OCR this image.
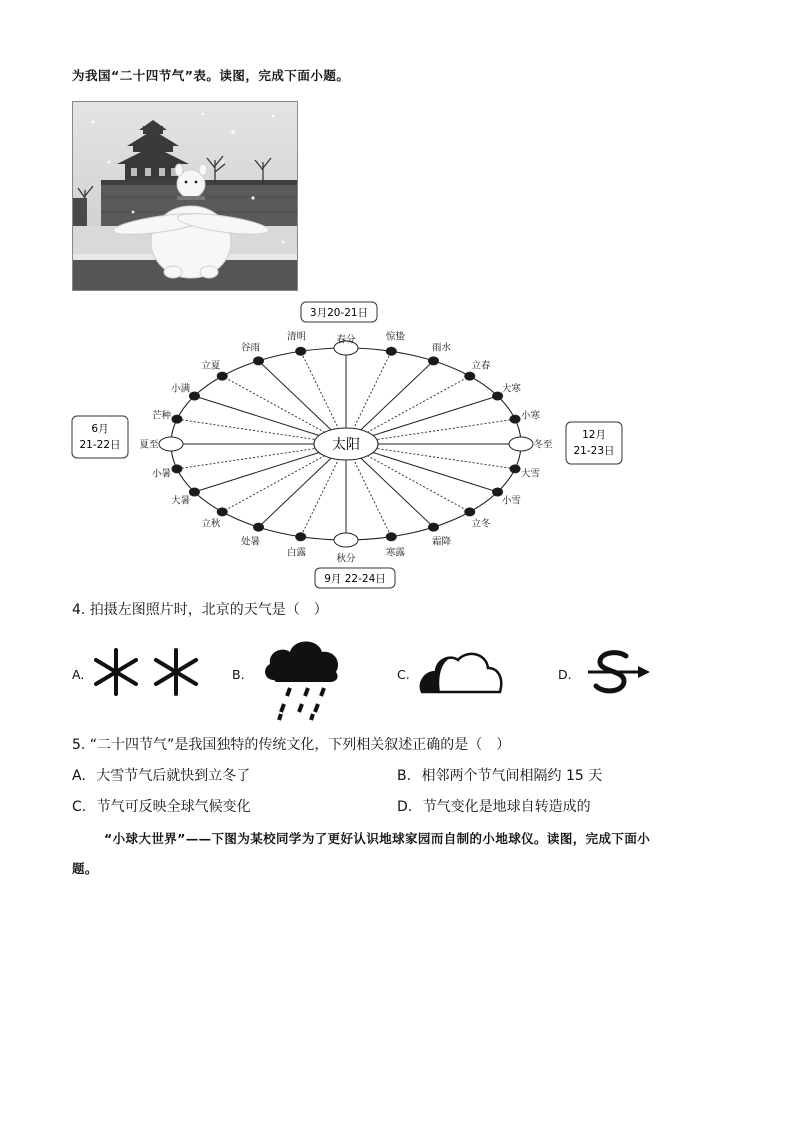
为我国“二十四节气”表。读图，完成下面小题。
春分
清明
谷雨
立夏
小满
芒种
夏至
小暑
大暑
立秋
处暑
白露
秋分
寒露
霜降
立冬
小雪
大雪
冬至
小寒
大寒
立春
雨水
惊蛰
太阳
3月20-21日
9月 22-24日
6月
21-22日
12月
21-23日
4. 拍摄左图照片时，北京的天气是（　）
A.	B.	C.	D.
5. “二十四节气”是我国独特的传统文化，下列相关叙述正确的是（　）
A. 大雪节气后就快到立冬了	B. 相邻两个节气间相隔约 15 天
C. 节气可反映全球气候变化	D. 节气变化是地球自转造成的
“小球大世界”——下图为某校同学为了更好认识地球家园而自制的小地球仪。读图，完成下面小
题。
